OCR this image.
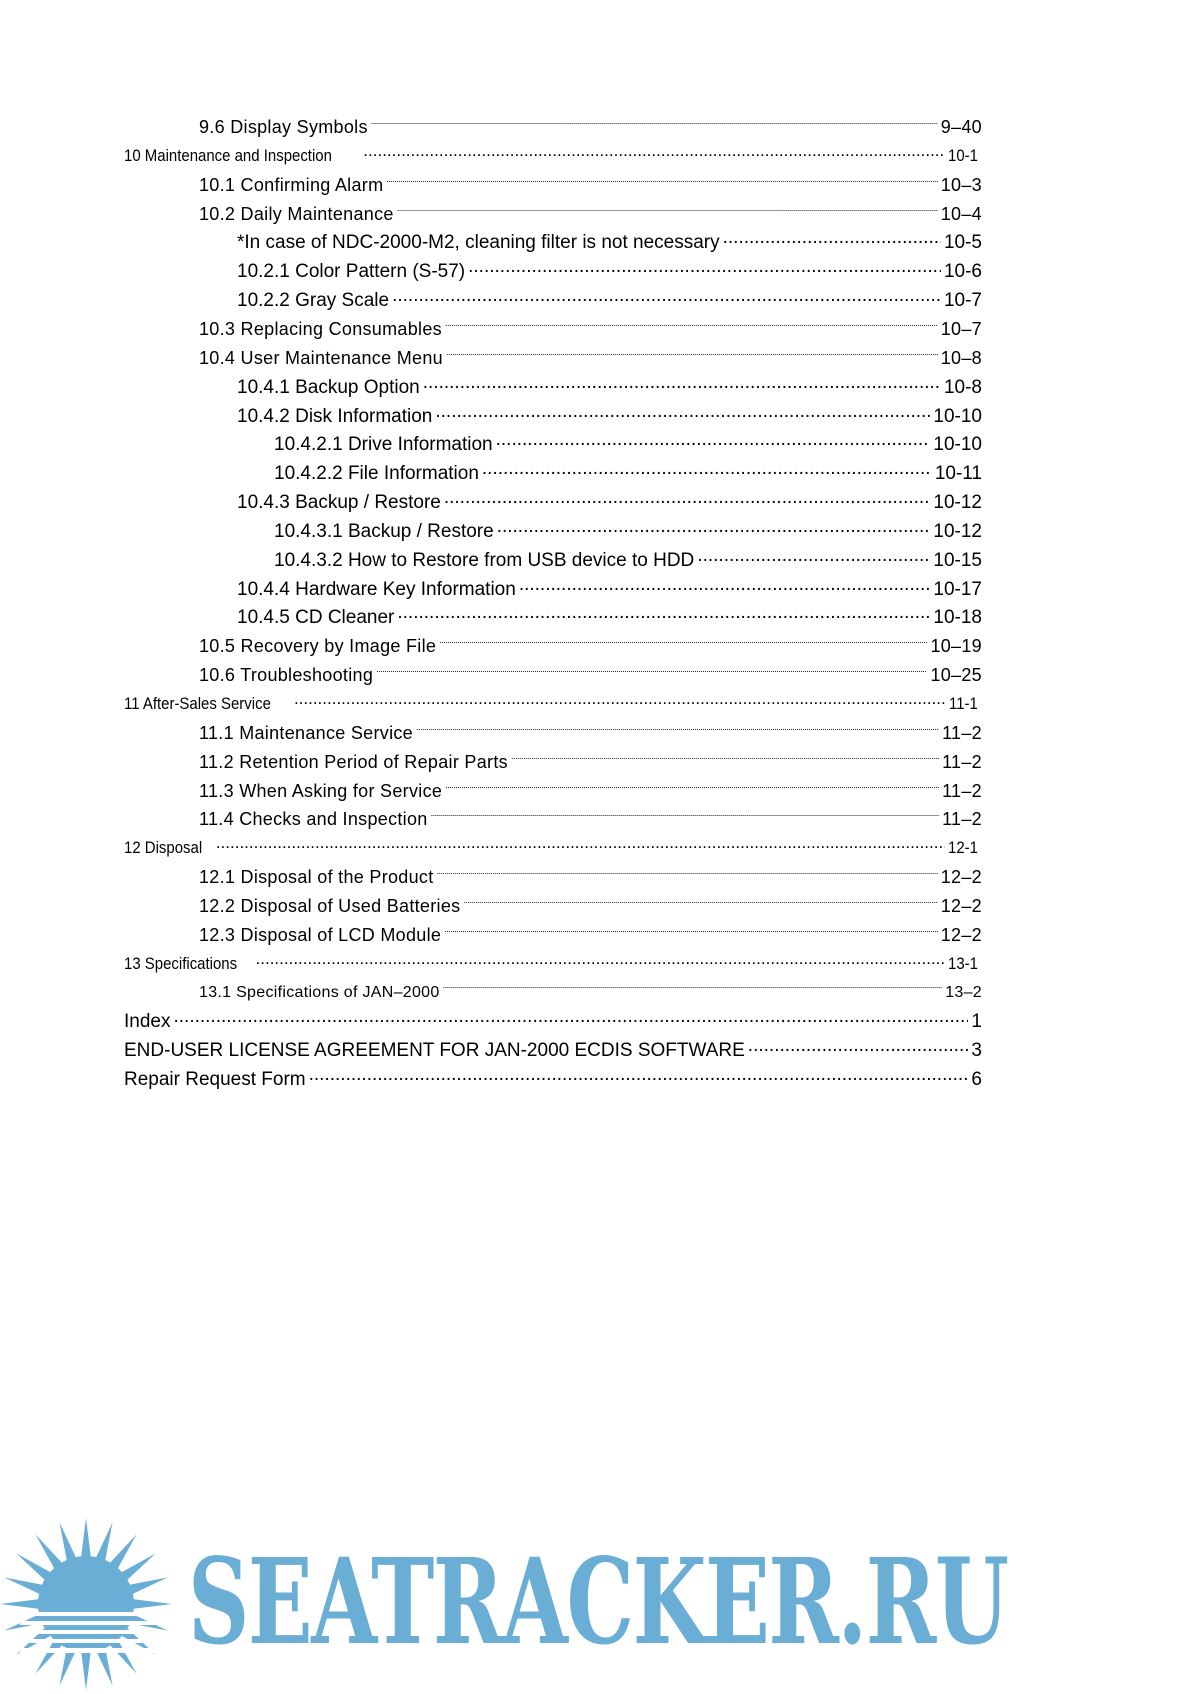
9.6 Display Symbols .....	9–40
10 Maintenance and Inspection .....	10-1
10.1 Confirming Alarm .....	10–3
10.2 Daily Maintenance .....	10–4
*In case of NDC-2000-M2, cleaning filter is not necessary .....	10-5
10.2.1 Color Pattern (S-57) .....	10-6
10.2.2 Gray Scale .....	10-7
10.3 Replacing Consumables .....	10–7
10.4 User Maintenance Menu .....	10–8
10.4.1 Backup Option .....	10-8
10.4.2 Disk Information .....	10-10
10.4.2.1 Drive Information .....	10-10
10.4.2.2 File Information .....	10-11
10.4.3 Backup / Restore .....	10-12
10.4.3.1 Backup / Restore .....	10-12
10.4.3.2 How to Restore from USB device to HDD .....	10-15
10.4.4 Hardware Key Information .....	10-17
10.4.5 CD Cleaner .....	10-18
10.5 Recovery by Image File .....	10–19
10.6 Troubleshooting .....	10–25
11 After-Sales Service .....	11-1
11.1 Maintenance Service .....	11–2
11.2 Retention Period of Repair Parts .....	11–2
11.3 When Asking for Service .....	11–2
11.4 Checks and Inspection .....	11–2
12 Disposal .....	12-1
12.1 Disposal of the Product .....	12–2
12.2 Disposal of Used Batteries .....	12–2
12.3 Disposal of LCD Module .....	12–2
13 Specifications .....	13-1
13.1 Specifications of JAN–2000 .....	13–2
Index .....	1
END-USER LICENSE AGREEMENT FOR JAN-2000 ECDIS SOFTWARE .....	3
Repair Request Form .....	6
SEATRACKER.RU
